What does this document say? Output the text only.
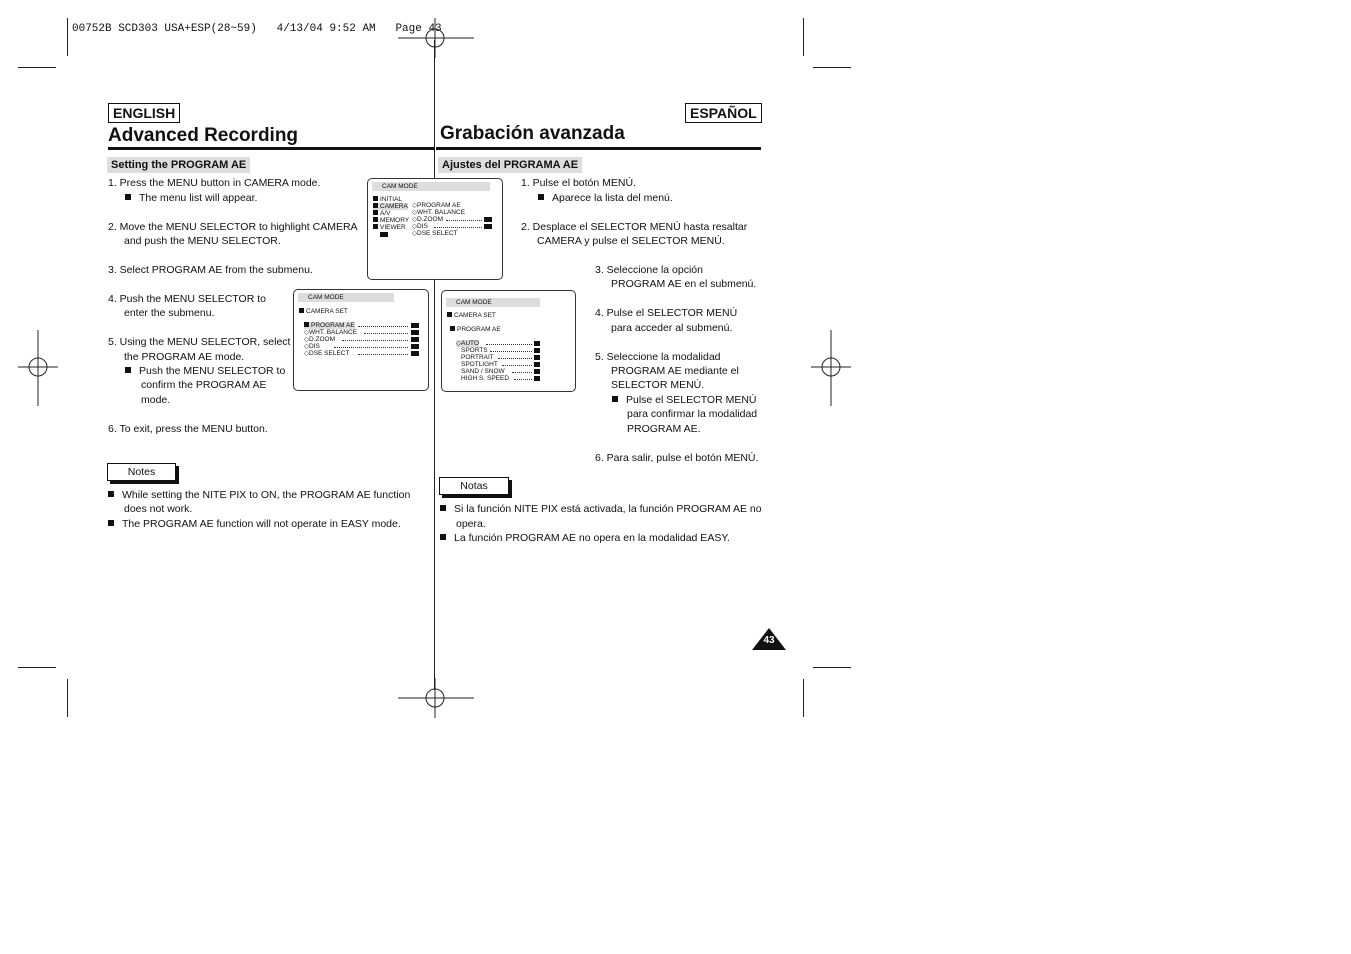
00752B SCD303 USA+ESP(28~59)   4/13/04 9:52 AM   Page 43
ENGLISH
Advanced Recording
Setting the PROGRAM AE
1. Press the MENU button in CAMERA mode.
The menu list will appear.
2. Move the MENU SELECTOR to highlight CAMERA
and push the MENU SELECTOR.
3. Select PROGRAM AE from the submenu.
4. Push the MENU SELECTOR to
enter the submenu.
5. Using the MENU SELECTOR, select
the PROGRAM AE mode.
Push the MENU SELECTOR to
confirm the PROGRAM AE
mode.
6. To exit, press the MENU button.
Notes
While setting the NITE PIX to ON, the PROGRAM AE function
does not work.
The PROGRAM AE function will not operate in EASY mode.
ESPAÑOL
Grabación avanzada
Ajustes del PRGRAMA AE
1. Pulse el botón MENÚ.
Aparece la lista del menú.
2. Desplace el SELECTOR MENÚ hasta resaltar
CAMERA y pulse el SELECTOR MENÚ.
3. Seleccione la opción
PROGRAM AE en el submenú.
4. Pulse el SELECTOR MENÚ
para acceder al submenú.
5. Seleccione la modalidad
PROGRAM AE mediante el
SELECTOR MENÚ.
Pulse el SELECTOR MENÚ
para confirmar la modalidad
PROGRAM AE.
6. Para salir, pulse el botón MENÚ.
Notas
Si la función NITE PIX está activada, la función PROGRAM AE no
opera.
La función PROGRAM AE no opera en la modalidad EASY.
CAM MODE
INITIAL
CAMERA
A/V
MEMORY
VIEWER
◇PROGRAM AE
◇WHT. BALANCE
◇D.ZOOM
◇DIS
◇DSE SELECT
CAM MODE
CAMERA SET
PROGRAM AE
◇WHT. BALANCE
◇D.ZOOM
◇DIS
◇DSE SELECT
CAM MODE
CAMERA SET
PROGRAM AE
◇AUTO
SPORTS
PORTRAIT
SPOTLIGHT
SAND / SNOW
HIGH S. SPEED
43
